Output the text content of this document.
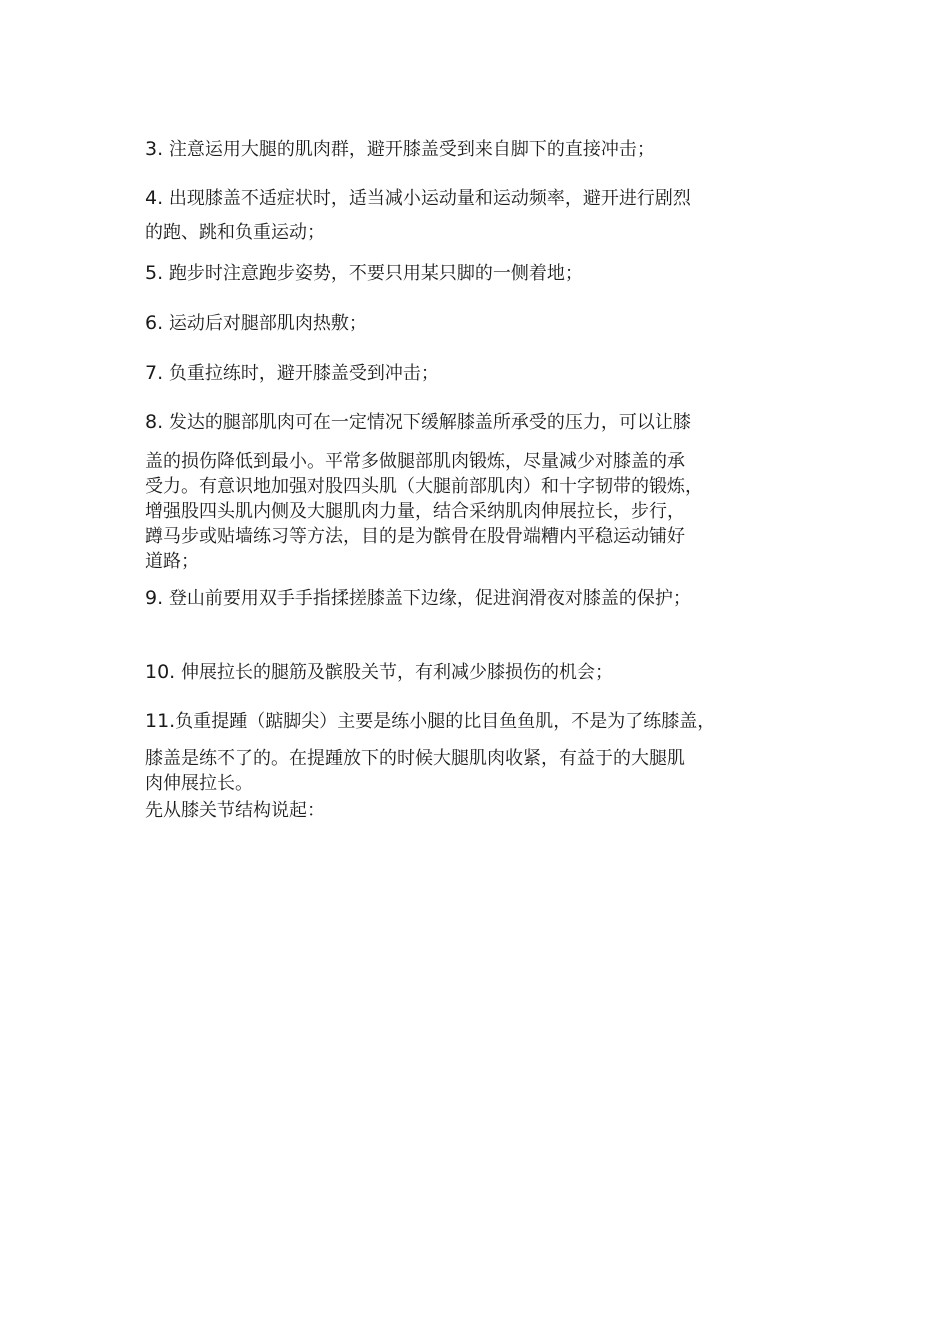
3. 注意运用大腿的肌肉群，避开膝盖受到来自脚下的直接冲击；
4. 出现膝盖不适症状时，适当减小运动量和运动频率，避开进行剧烈
的跑、跳和负重运动；
5. 跑步时注意跑步姿势，不要只用某只脚的一侧着地；
6. 运动后对腿部肌肉热敷；
7. 负重拉练时，避开膝盖受到冲击；
8. 发达的腿部肌肉可在一定情况下缓解膝盖所承受的压力，可以让膝
盖的损伤降低到最小。平常多做腿部肌肉锻炼，尽量减少对膝盖的承
受力。有意识地加强对股四头肌（大腿前部肌肉）和十字韧带的锻炼，
增强股四头肌内侧及大腿肌肉力量，结合采纳肌肉伸展拉长，步行，
蹲马步或贴墙练习等方法，目的是为髌骨在股骨端糟内平稳运动铺好
道路；
9. 登山前要用双手手指揉搓膝盖下边缘，促进润滑夜对膝盖的保护；
10. 伸展拉长的腿筋及髌股关节，有利减少膝损伤的机会；
11.负重提踵（踮脚尖）主要是练小腿的比目鱼鱼肌，不是为了练膝盖，
膝盖是练不了的。在提踵放下的时候大腿肌肉收紧，有益于的大腿肌
肉伸展拉长。
先从膝关节结构说起：
